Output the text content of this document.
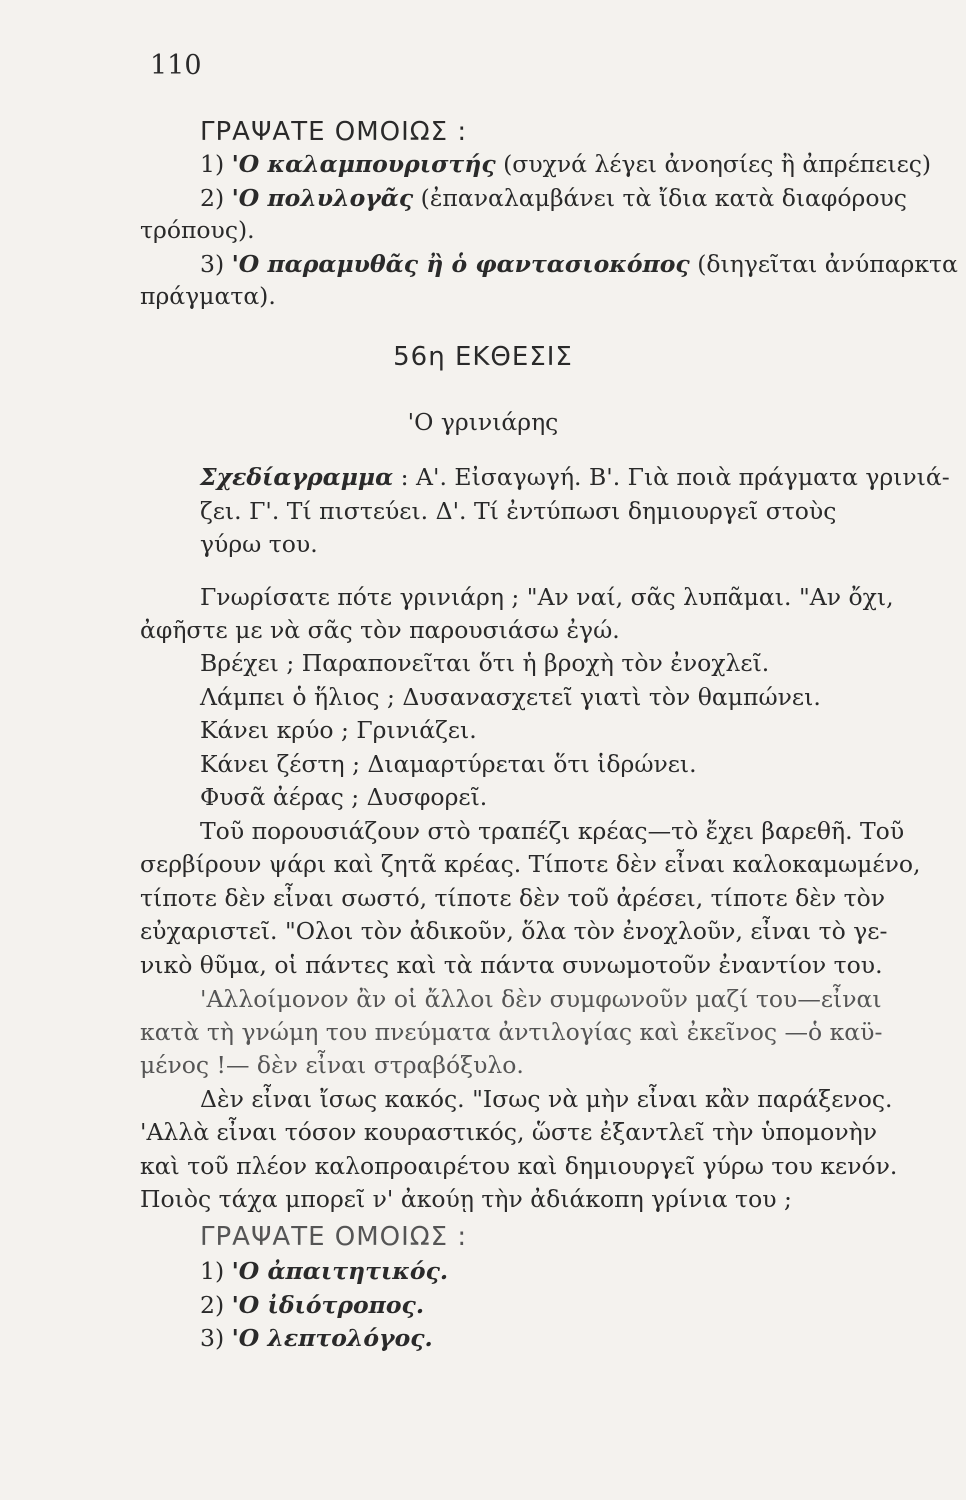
110
ΓΡΑΨΑΤΕ ΟΜΟΙΩΣ :
1) 'Ο καλαμπουριστής (συχνά λέγει ἀνοησίες ἢ ἀπρέπειες)
2) 'Ο πολυλογᾶς (ἐπαναλαμβάνει τὰ ἴδια κατὰ διαφόρους
τρόπους).
3) 'Ο παραμυθᾶς ἢ ὁ φαντασιοκόπος (διηγεῖται ἀνύπαρκτα
πράγματα).
56η ΕΚΘΕΣΙΣ
'Ο γρινιάρης
Σχεδίαγραμμα : Α'. Εἰσαγωγή. Β'. Γιὰ ποιὰ πράγματα γρινιά-
ζει. Γ'. Τί πιστεύει. Δ'. Τί ἐντύπωσι δημιουργεῖ στοὺς
γύρω του.
Γνωρίσατε πότε γρινιάρη ; "Αν ναί, σᾶς λυπᾶμαι. "Αν ὄχι,
ἀφῆστε με νὰ σᾶς τὸν παρουσιάσω ἐγώ.
Βρέχει ; Παραπονεῖται ὅτι ἡ βροχὴ τὸν ἐνοχλεῖ.
Λάμπει ὁ ἥλιος ; Δυσανασχετεῖ γιατὶ τὸν θαμπώνει.
Κάνει κρύο ; Γρινιάζει.
Κάνει ζέστη ; Διαμαρτύρεται ὅτι ἱδρώνει.
Φυσᾶ ἀέρας ; Δυσφορεῖ.
Τοῦ πορουσιάζουν στὸ τραπέζι κρέας—τὸ ἔχει βαρεθῆ. Τοῦ
σερβίρουν ψάρι καὶ ζητᾶ κρέας. Τίποτε δὲν εἶναι καλοκαμωμένο,
τίποτε δὲν εἶναι σωστό, τίποτε δὲν τοῦ ἀρέσει, τίποτε δὲν τὸν
εὐχαριστεῖ. "Ολοι τὸν ἀδικοῦν, ὅλα τὸν ἐνοχλοῦν, εἶναι τὸ γε-
νικὸ θῦμα, οἱ πάντες καὶ τὰ πάντα συνωμοτοῦν ἐναντίον του.
'Αλλοίμονον ἂν οἱ ἄλλοι δὲν συμφωνοῦν μαζί του—εἶναι
κατὰ τὴ γνώμη του πνεύματα ἀντιλογίας καὶ ἐκεῖνος —ὁ καϋ-
μένος !— δὲν εἶναι στραβόξυλο.
Δὲν εἶναι ἴσως κακός. "Ισως νὰ μὴν εἶναι κἂν παράξενος.
'Αλλὰ εἶναι τόσον κουραστικός, ὥστε ἐξαντλεῖ τὴν ὑπομονὴν
καὶ τοῦ πλέον καλοπροαιρέτου καὶ δημιουργεῖ γύρω του κενόν.
Ποιὸς τάχα μπορεῖ ν' ἀκούῃ τὴν ἀδιάκοπη γρίνια του ;
ΓΡΑΨΑΤΕ ΟΜΟΙΩΣ :
1) 'Ο ἀπαιτητικός.
2) 'Ο ἰδιότροπος.
3) 'Ο λεπτολόγος.
